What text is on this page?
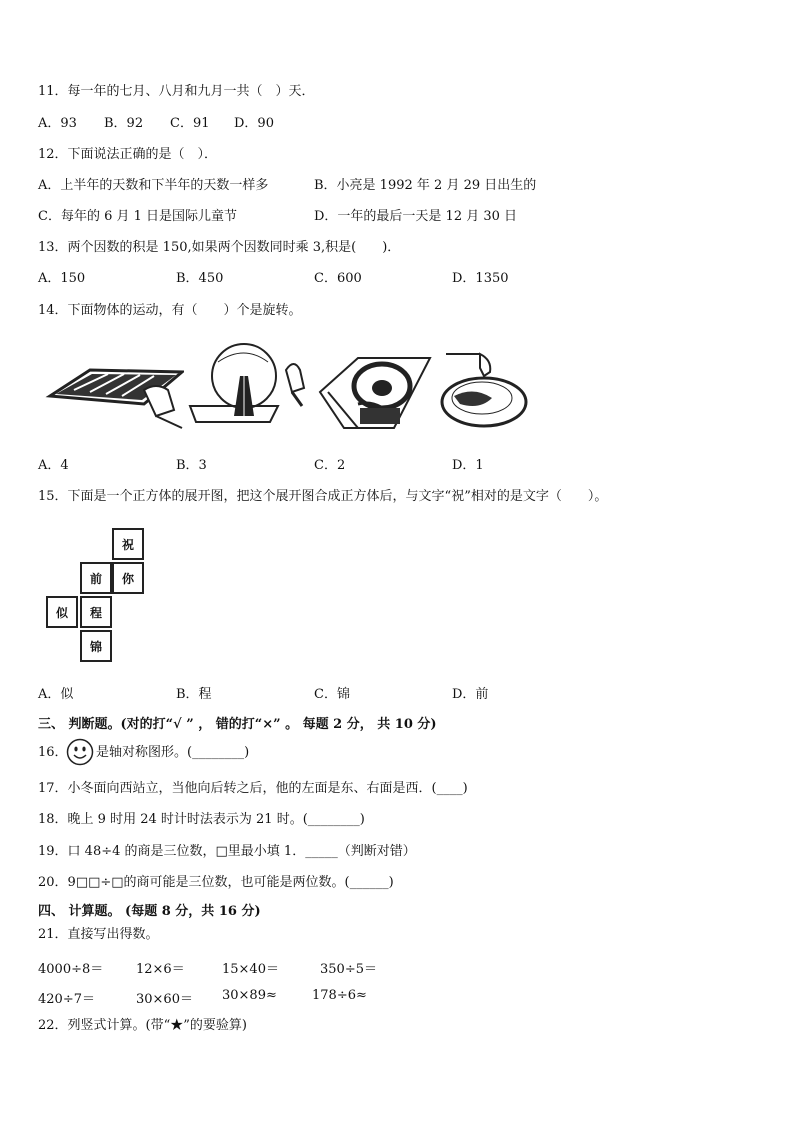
11．每一年的七月、八月和九月一共（　）天．
A．93 B．92 C．91 D．90
12．下面说法正确的是（　）．
A．上半年的天数和下半年的天数一样多	B．小亮是 1992 年 2 月 29 日出生的
C．每年的 6 月 1 日是国际儿童节	D．一年的最后一天是 12 月 30 日
13．两个因数的积是 150,如果两个因数同时乘 3,积是(　　)．
A．150	B．450	C．600	D．1350
14．下面物体的运动，有（　　）个是旋转。
A．4	B．3	C．2	D．1
15．下面是一个正方体的展开图，把这个展开图合成正方体后，与文字“祝”相对的是文字（　　）。
祝
你
前
似	程
锦
A．似	B．程	C．锦	D．前
三、 判断题。(对的打“√ ” ， 错的打“×” 。 每题 2 分， 共 10 分)
16． 是轴对称图形。(________)
17．小冬面向西站立，当他向后转之后，他的左面是东、右面是西．(____)
18．晚上 9 时用 24 时计时法表示为 21 时。(________)
19．口 48÷4 的商是三位数，□里最小填 1．_____（判断对错）
20．9□□÷□的商可能是三位数，也可能是两位数。(______)
四、 计算题。 (每题 8 分，共 16 分)
21．直接写出得数。
4000÷8＝	12×6＝	15×40＝	350÷5＝
420÷7＝	30×60＝ 30×89≈	178÷6≈
22．列竖式计算。(带“★”的要验算)
